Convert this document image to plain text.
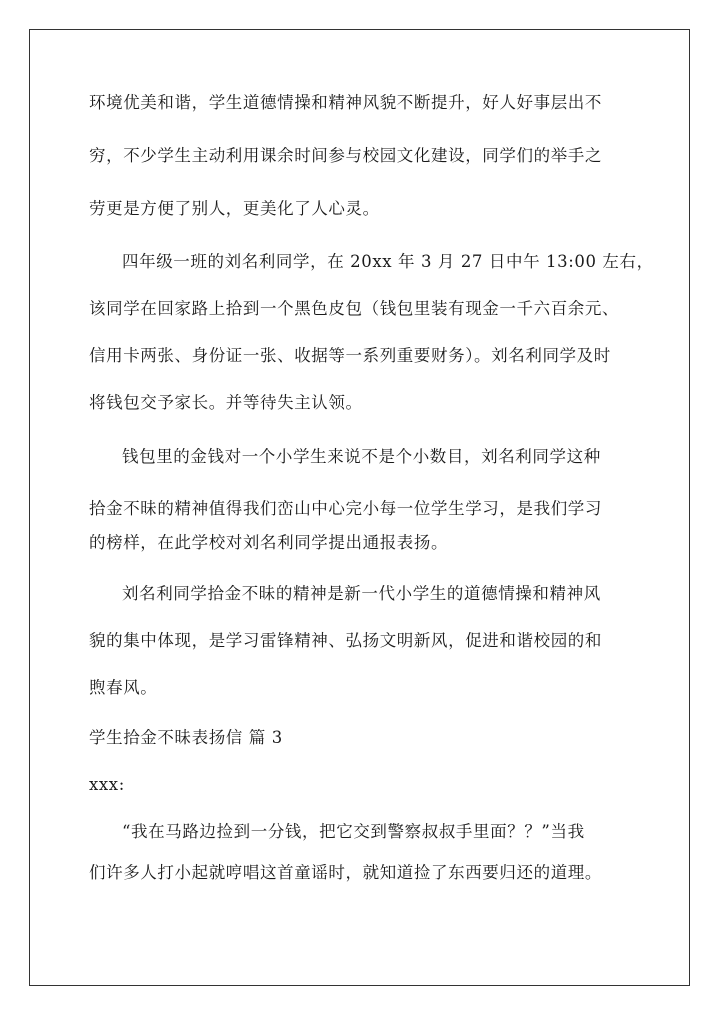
环境优美和谐，学生道德情操和精神风貌不断提升，好人好事层出不
穷，不少学生主动利用课余时间参与校园文化建设，同学们的举手之
劳更是方便了别人，更美化了人心灵。
四年级一班的刘名利同学，在 20xx 年 3 月 27 日中午 13:00 左右，
该同学在回家路上拾到一个黑色皮包（钱包里装有现金一千六百余元、
信用卡两张、身份证一张、收据等一系列重要财务）。刘名利同学及时
将钱包交予家长。并等待失主认领。
钱包里的金钱对一个小学生来说不是个小数目，刘名利同学这种
拾金不昧的精神值得我们峦山中心完小每一位学生学习，是我们学习
的榜样，在此学校对刘名利同学提出通报表扬。
刘名利同学拾金不昧的精神是新一代小学生的道德情操和精神风
貌的集中体现，是学习雷锋精神、弘扬文明新风，促进和谐校园的和
煦春风。
学生拾金不昧表扬信 篇 3
xxx:
“我在马路边捡到一分钱，把它交到警察叔叔手里面？？”当我
们许多人打小起就哼唱这首童谣时，就知道捡了东西要归还的道理。
